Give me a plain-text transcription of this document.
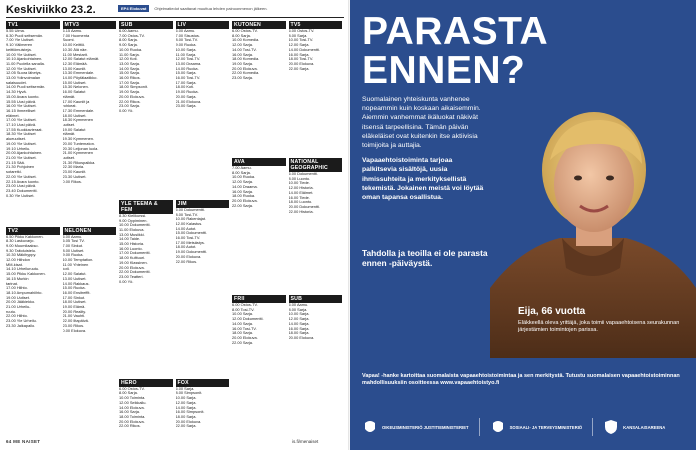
Keskiviikko 23.2.	EP4 Elokuvat	Ohjelmatiedot saattavat muuttua lehden painoonmenon jälkeen.
TV1
5.55 Uima.
6.30 Puoli seitsemän.
7.00 Yle Uutiset.
9.10 Välimeren
keittiömuisteja.
10.00 Yle Uutiset.
10.10 Ajankohtainen.
11.00 Puolella sanalla.
12.00 Yle Uutiset.
12.05 Suora lähetys.
13.00 Ydinvoimalan
salaisuudet.
14.00 Puoli seitsemän.
14.30 Hyvä.
15.00 Avara luonto.
15.55 Uusi päivä.
16.00 Yle Uutiset.
16.15 Ihmeelliset
eläimet.
17.00 Yle Uutiset.
17.10 Uusi päivä.
17.55 Kuokkavieraat.
18.30 Yle Uutiset
alueuutiset.
19.00 Yle Uutiset.
19.10 Urheilu.
20.00 Ajankohtainen.
21.00 Yle Uutiset.
21.15 Sää.
21.30 Pohjoinen
sotaretki.
22.00 Yle Uutiset.
22.15 Avara luonto.
23.00 Uusi päivä.
23.40 Dokumentti.
0.30 Yle Uutiset.
TV2
6.50 Pikku Kakkonen.
8.30 Laskuvarjo.
9.00 Muumilaakso.
9.30 Taitoluistelu.
10.30 Mäkihyppy.
12.00 Hiihdon
MM-kisat.
14.10 Urheiluruutu.
15.00 Pikku Kakkonen.
16.15 Murkin
tarinat.
17.00 Hiihto.
18.10 Ampumahiihto.
19.00 Uutiset.
20.00 Jääkiekko.
21.00 Urheilu-
ruutu.
22.00 Hiihto.
23.00 Yle Urheilu.
23.30 Jalkapallo.
MTV3
6.15 Aamu.
7.00 Huomenta
Suomi.
10.00 Keittiö.
10.30 Älä näe.
11.00 Mestarit.
12.00 Salatut elämät.
12.30 Elämää.
13.00 Kauniit.
13.30 Emmerdale.
14.00 Pöytälaatikko.
15.00 Uutiset.
15.30 Nelonen.
16.00 Salatut
elämät.
17.00 Kauniit ja
rohkeat.
17.30 Emmerdale.
18.00 Uutiset.
18.30 Kymmenen
uutiset.
19.00 Salatut
elämät.
19.30 Kymmenen.
20.00 Tuntematon.
20.30 Leijonan luola.
21.00 Kymmenen
uutiset.
21.30 Rikospaikka.
22.30 Maria.
23.00 Kauniit.
23.30 Uutiset.
0.00 Rikos.
NELONEN
6.00 Aamu.
6.05 Tosi TV.
7.00 Sinkut.
8.00 Uutiset.
9.00 Ruoka.
10.00 Temptation.
11.00 Yhteinen
koti.
12.00 Salatut.
13.00 Uutiset.
14.00 Rakkaus.
15.00 Ruoka.
16.00 Ensitreffit.
17.00 Sinkut.
18.00 Uutiset.
19.00 Elämä.
20.00 Reality.
21.00 Vauhti.
22.00 Iltapäivä.
23.00 Rikos.
0.00 Elokuva.
SUB
6.00 Aamu.
7.00 Ostos-TV.
8.00 Sarja.
9.00 Sarja.
10.00 Ruoka.
11.00 Sarja.
12.00 Koti.
13.00 Sarja.
14.00 Sarja.
15.00 Sarja.
16.00 Rikos.
17.00 Sarja.
18.00 Simpsonit.
19.00 Sarja.
20.00 Elokuva.
22.00 Rikos.
23.00 Sarja.
0.00 Yö.
YLE TEEMA & FEM
8.30 Kielikurssi.
9.00 Oppiminen.
10.00 Dokumentti.
11.00 Elokuva.
13.00 Musiikki.
14.00 Taide.
15.00 Historia.
16.00 Luonto.
17.00 Dokumentti.
18.00 Kulttuuri.
19.00 Klassinen.
20.00 Elokuva.
22.00 Dokumentti.
23.00 Teatteri.
0.00 Yö.
HERO
6.00 Ostos-TV.
8.00 Sarja.
10.00 Toiminta.
12.00 Seikkailu.
14.00 Elokuva.
16.00 Sarja.
18.00 Toiminta.
20.00 Elokuva.
22.00 Rikos.
LIV
6.00 Aamu.
7.00 Sisustus.
8.00 Tosi-TV.
9.00 Ruoka.
10.00 Sarja.
11.00 Sarja.
12.00 Tosi-TV.
13.00 Draama.
14.00 Ruoka.
15.00 Sarja.
16.00 Tosi-TV.
17.00 Sarja.
18.00 Koti.
19.00 Ruoka.
20.00 Sarja.
21.00 Elokuva.
23.00 Sarja.
JIM
6.00 Dokumentti.
8.00 Tosi-TV.
10.00 Rakentajat.
12.00 Kalastus.
14.00 Autot.
15.00 Dokumentti.
16.00 Tosi-TV.
17.00 Metsästys.
18.00 Autot.
19.00 Dokumentti.
20.00 Elokuva.
22.00 Rikos.
FOX
6.00 Sarja.
8.00 Simpsonit.
10.00 Sarja.
12.00 Sarja.
14.00 Sarja.
16.00 Simpsonit.
18.00 Sarja.
20.00 Elokuva.
22.00 Sarja.
KUTONEN
6.00 Ostos-TV.
8.00 Sarja.
10.00 Komedia.
12.00 Sarja.
14.00 Tosi-TV.
16.00 Sarja.
18.00 Komedia.
19.00 Sarja.
20.00 Elokuva.
22.00 Komedia.
23.00 Sarja.
AVA
7.00 Aamu.
8.00 Sarja.
10.00 Ruoka.
12.00 Sarja.
14.00 Draama.
16.00 Sarja.
18.00 Ruoka.
20.00 Elokuva.
22.00 Sarja.
FRII
6.00 Ostos-TV.
8.00 Tosi-TV.
10.00 Sarja.
12.00 Dokumentti.
14.00 Sarja.
16.00 Tosi-TV.
18.00 Sarja.
20.00 Elokuva.
22.00 Sarja.
TV5
6.00 Ostos-TV.
8.00 Sarja.
10.00 Tosi-TV.
12.00 Sarja.
14.00 Dokumentti.
16.00 Sarja.
18.00 Tosi-TV.
20.00 Elokuva.
22.00 Sarja.
NATIONAL GEOGRAPHIC
6.00 Dokumentti.
8.00 Luonto.
10.00 Tiede.
12.00 Historia.
14.00 Eläimet.
16.00 Tiede.
18.00 Luonto.
20.00 Dokumentti.
22.00 Historia.
SUB
6.00 Aamu.
8.00 Sarja.
10.00 Sarja.
12.00 Sarja.
14.00 Sarja.
16.00 Sarja.
18.00 Sarja.
20.00 Elokuva.
64 ME NAISET	is.fi/menaiset
PARASTA
ENNEN?

Suomalainen yhteiskunta vanhenee nopeammin kuin koskaan aikaisemmin. Aiemmin vanhemmat ikäluokat näkivät itsensä tarpeellisina. Tämän päivän eläkeläiset ovat kuitenkin itse aktiivisia toimijoita ja auttajia.

Vapaaehtoistoiminta tarjoaa palkitsevia sisältöjä, uusia ihmissuhteita ja merkityksellistä tekemistä. Jokainen meistä voi löytää oman tapansa osallistua.

Tahdolla ja teoilla ei ole parasta ennen -päiväystä.
Eija, 66 vuotta
Eläkkeellä oleva yrittäjä, joka toimii vapaaehtoisena seurakunnan järjestämien toimintojen parissa.
Vapaa! -hanke kartoittaa suomalaista vapaaehtoistoimintaa ja sen merkitystä. Tutustu suomalaisen vapaaehtoistoiminnan mahdollisuuksiin osoitteessa www.vapaaehtoistyo.fi
OIKEUSMINISTERIÖ JUSTITIEMINISTERIET	SOSIAALI- JA TERVEYSMINISTERIÖ	KANSALAISAREENA
